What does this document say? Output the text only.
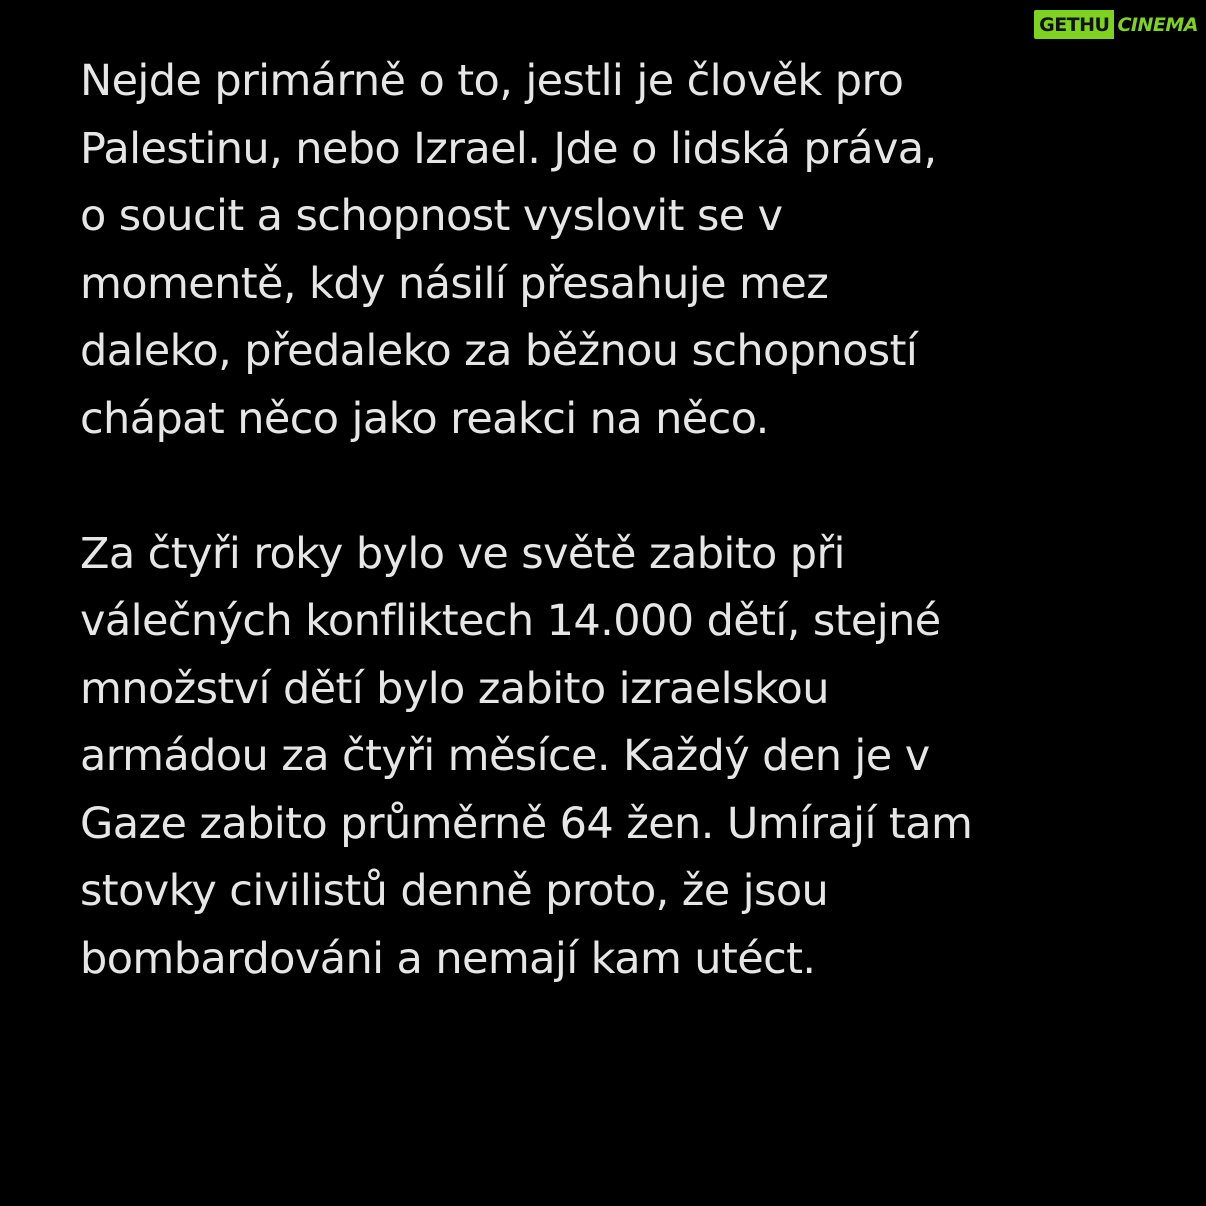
GETHU CINEMA

Nejde primárně o to, jestli je člověk pro
Palestinu, nebo Izrael. Jde o lidská práva,
o soucit a schopnost vyslovit se v
momentě, kdy násilí přesahuje mez
daleko, předaleko za běžnou schopností
chápat něco jako reakci na něco.

Za čtyři roky bylo ve světě zabito při
válečných konfliktech 14.000 dětí, stejné
množství dětí bylo zabito izraelskou
armádou za čtyři měsíce. Každý den je v
Gaze zabito průměrně 64 žen. Umírají tam
stovky civilistů denně proto, že jsou
bombardováni a nemají kam utéct.
